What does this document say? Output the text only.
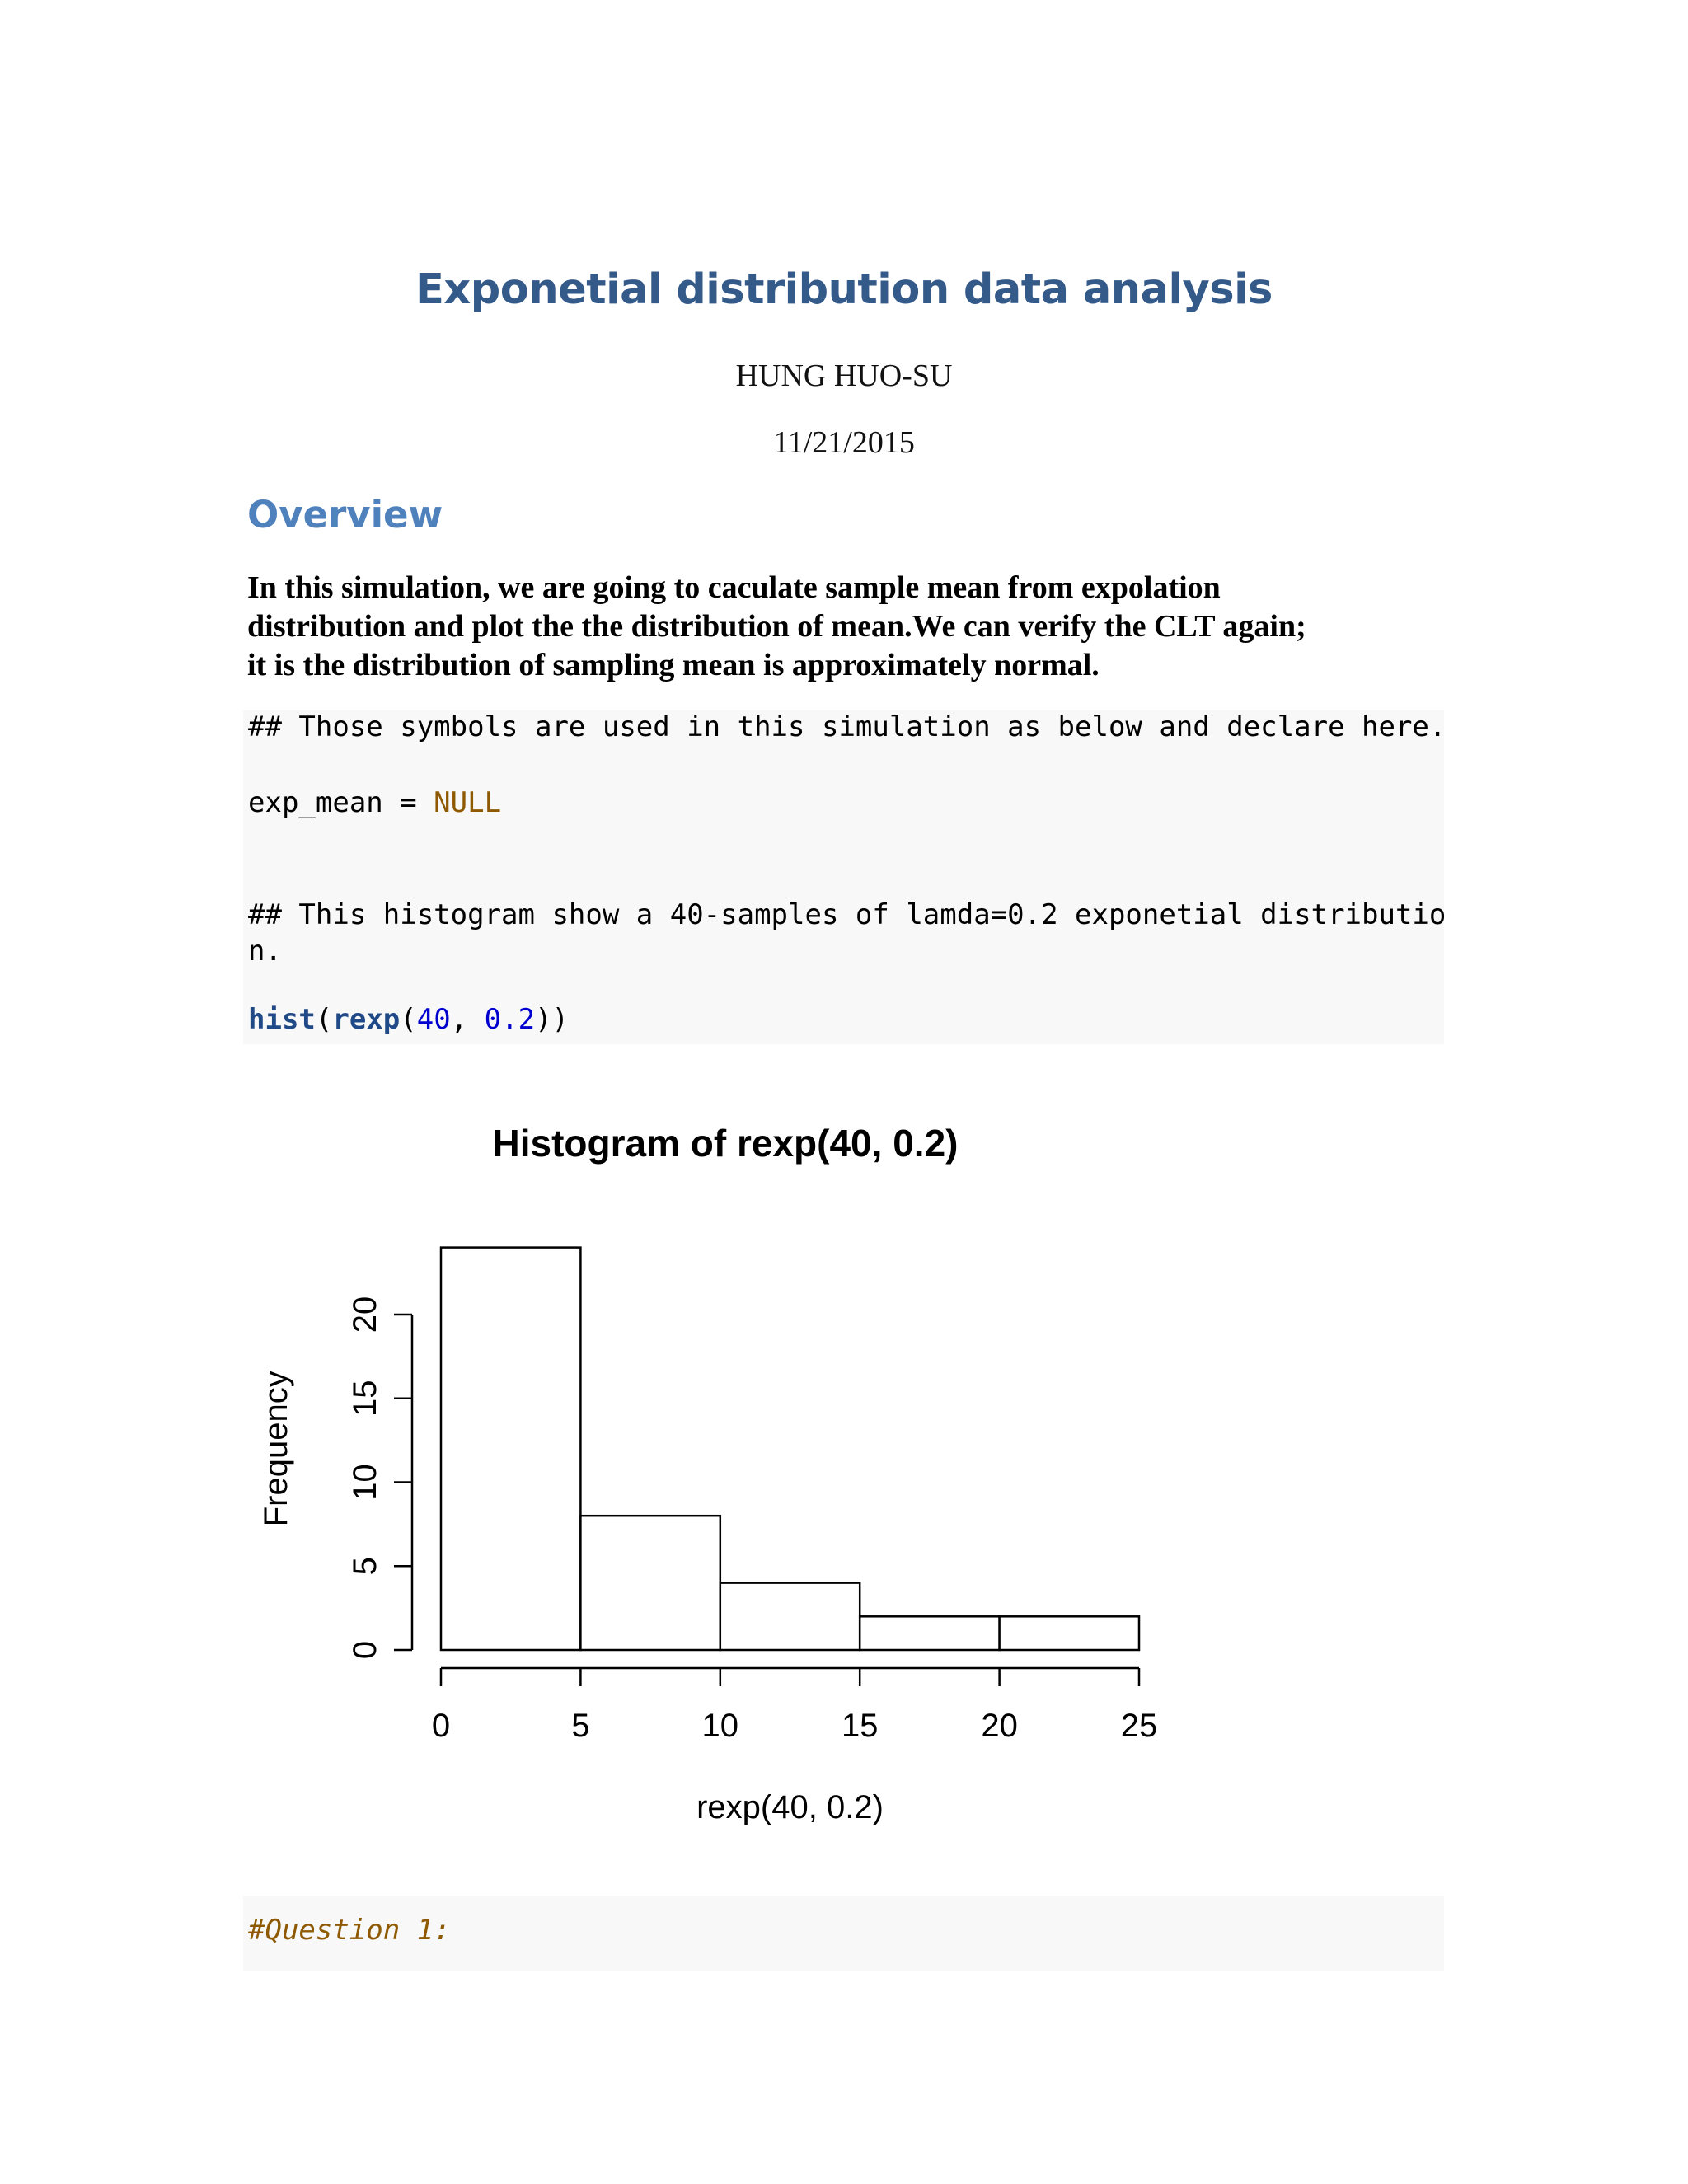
Exponetial distribution data analysis
HUNG HUO-SU
11/21/2015
Overview
In this simulation, we are going to caculate sample mean from expolation
distribution and plot the the distribution of mean.We can verify the CLT again;
it is the distribution of sampling mean is approximately normal.
## Those symbols are used in this simulation as below and declare here.
exp_mean = NULL
## This histogram show a 40-samples of lamda=0.2 exponetial distributio
n.
hist(rexp(40, 0.2))
Histogram of rexp(40, 0.2)
0	5	10	15	20	25
rexp(40, 0.2)
0
5
10
15
20
Frequency
#Question 1:
